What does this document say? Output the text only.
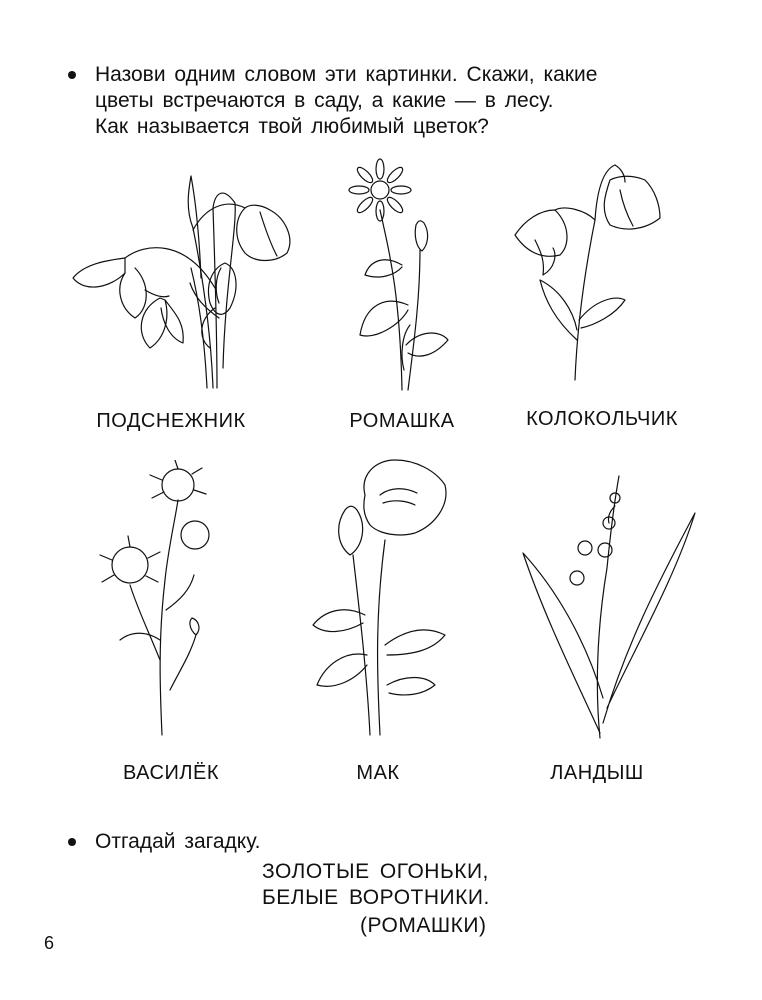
Назови одним словом эти картинки. Скажи, какие
цветы встречаются в саду, а какие — в лесу.
Как называется твой любимый цветок?
ПОДСНЕЖНИК	РОМАШКА	КОЛОКОЛЬЧИК
ВАСИЛЁК	МАК	ЛАНДЫШ
Отгадай загадку.
ЗОЛОТЫЕ ОГОНЬКИ,
БЕЛЫЕ ВОРОТНИКИ.
(РОМАШКИ)
6
